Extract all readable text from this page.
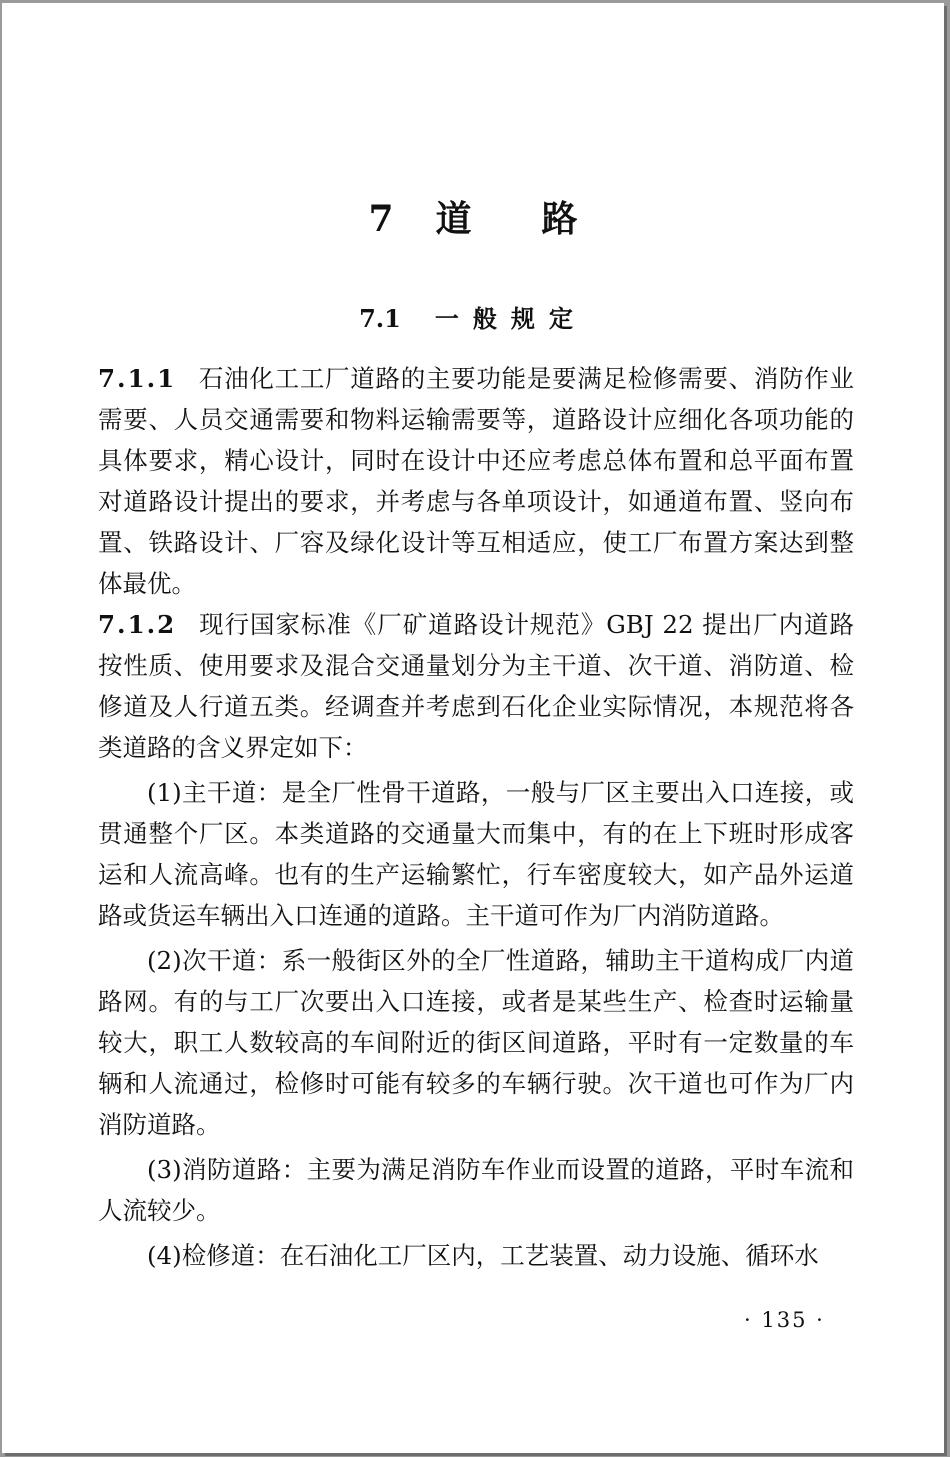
7 道路
7.1 一般规定

7.1.1 石油化工工厂道路的主要功能是要满足检修需要、消防作业需要、人员交通需要和物料运输需要等，道路设计应细化各项功能的具体要求，精心设计，同时在设计中还应考虑总体布置和总平面布置对道路设计提出的要求，并考虑与各单项设计，如通道布置、竖向布置、铁路设计、厂容及绿化设计等互相适应，使工厂布置方案达到整体最优。

7.1.2 现行国家标准《厂矿道路设计规范》GBJ 22 提出厂内道路按性质、使用要求及混合交通量划分为主干道、次干道、消防道、检修道及人行道五类。经调查并考虑到石化企业实际情况，本规范将各类道路的含义界定如下：

(1)主干道：是全厂性骨干道路，一般与厂区主要出入口连接，或贯通整个厂区。本类道路的交通量大而集中，有的在上下班时形成客运和人流高峰。也有的生产运输繁忙，行车密度较大，如产品外运道路或货运车辆出入口连通的道路。主干道可作为厂内消防道路。

(2)次干道：系一般街区外的全厂性道路，辅助主干道构成厂内道路网。有的与工厂次要出入口连接，或者是某些生产、检查时运输量较大，职工人数较高的车间附近的街区间道路，平时有一定数量的车辆和人流通过，检修时可能有较多的车辆行驶。次干道也可作为厂内消防道路。

(3)消防道路：主要为满足消防车作业而设置的道路，平时车流和人流较少。

(4)检修道：在石油化工厂区内，工艺装置、动力设施、循环水

· 135 ·
